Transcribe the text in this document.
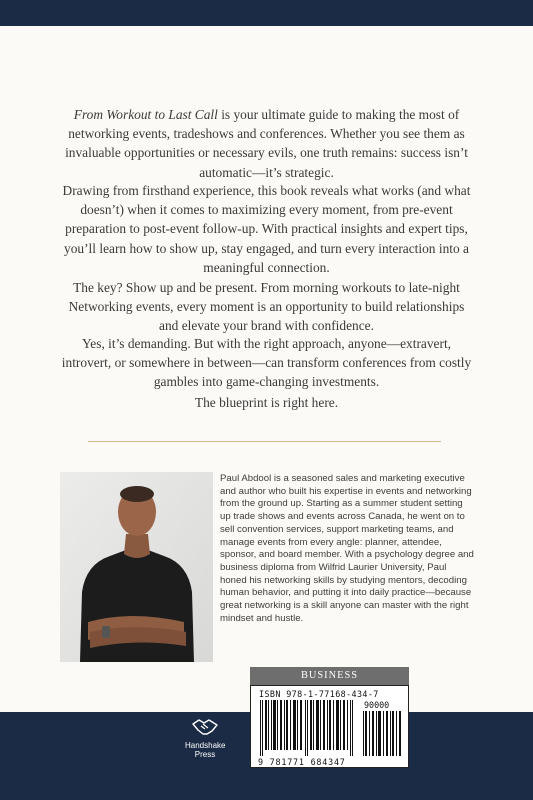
From Workout to Last Call is your ultimate guide to making the most of networking events, tradeshows and conferences. Whether you see them as invaluable opportunities or necessary evils, one truth remains: success isn’t automatic—it’s strategic.

Drawing from firsthand experience, this book reveals what works (and what doesn’t) when it comes to maximizing every moment, from pre-event preparation to post-event follow-up. With practical insights and expert tips, you’ll learn how to show up, stay engaged, and turn every interaction into a meaningful connection.

The key? Show up and be present. From morning workouts to late-night Networking events, every moment is an opportunity to build relationships and elevate your brand with confidence.

Yes, it’s demanding. But with the right approach, anyone—extravert, introvert, or somewhere in between—can transform conferences from costly gambles into game-changing investments.

The blueprint is right here.

Paul Abdool is a seasoned sales and marketing executive and author who built his expertise in events and networking from the ground up. Starting as a summer student setting up trade shows and events across Canada, he went on to sell convention services, support marketing teams, and manage events from every angle: planner, attendee, sponsor, and board member. With a psychology degree and business diploma from Wilfrid Laurier University, Paul honed his networking skills by studying mentors, decoding human behavior, and putting it into daily practice—because great networking is a skill anyone can master with the right mindset and hustle.

BUSINESS
ISBN 978-1-77168-434-7
9 781771 684347
90000
Handshake
Press
